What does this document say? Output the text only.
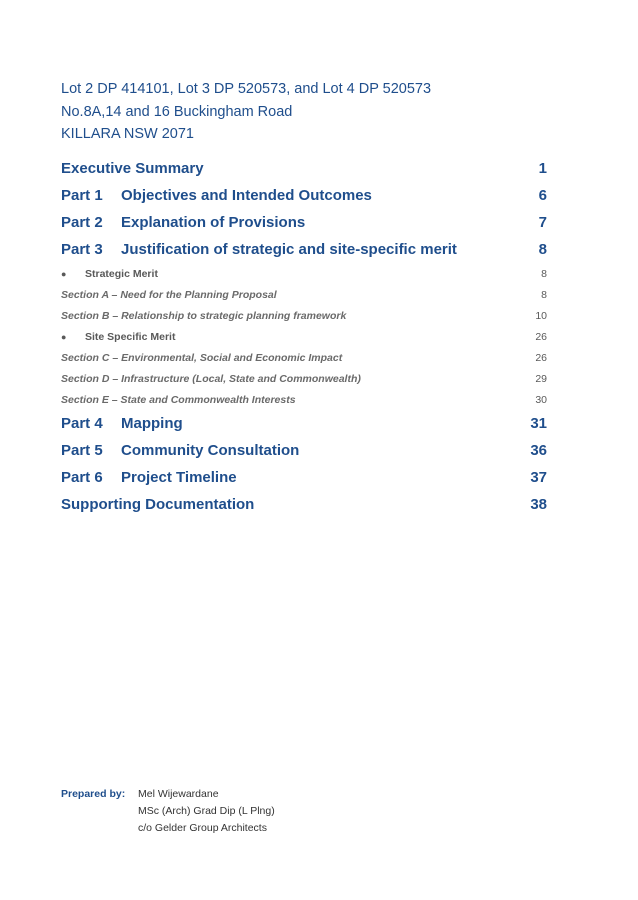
Lot 2 DP 414101, Lot 3 DP 520573, and Lot 4 DP 520573
No.8A,14 and 16 Buckingham Road
KILLARA NSW 2071
Executive Summary	1
Part 1	Objectives and Intended Outcomes	6
Part 2	Explanation of Provisions	7
Part 3	Justification of strategic and site-specific merit	8
●	Strategic Merit	8
Section A – Need for the Planning Proposal	8
Section B – Relationship to strategic planning framework	10
●	Site Specific Merit	26
Section C – Environmental, Social and Economic Impact	26
Section D – Infrastructure (Local, State and Commonwealth)	29
Section E – State and Commonwealth Interests	30
Part 4	Mapping	31
Part 5	Community Consultation	36
Part 6	Project Timeline	37
Supporting Documentation	38
Prepared by:	Mel Wijewardane
MSc (Arch) Grad Dip (L Plng)
c/o Gelder Group Architects
